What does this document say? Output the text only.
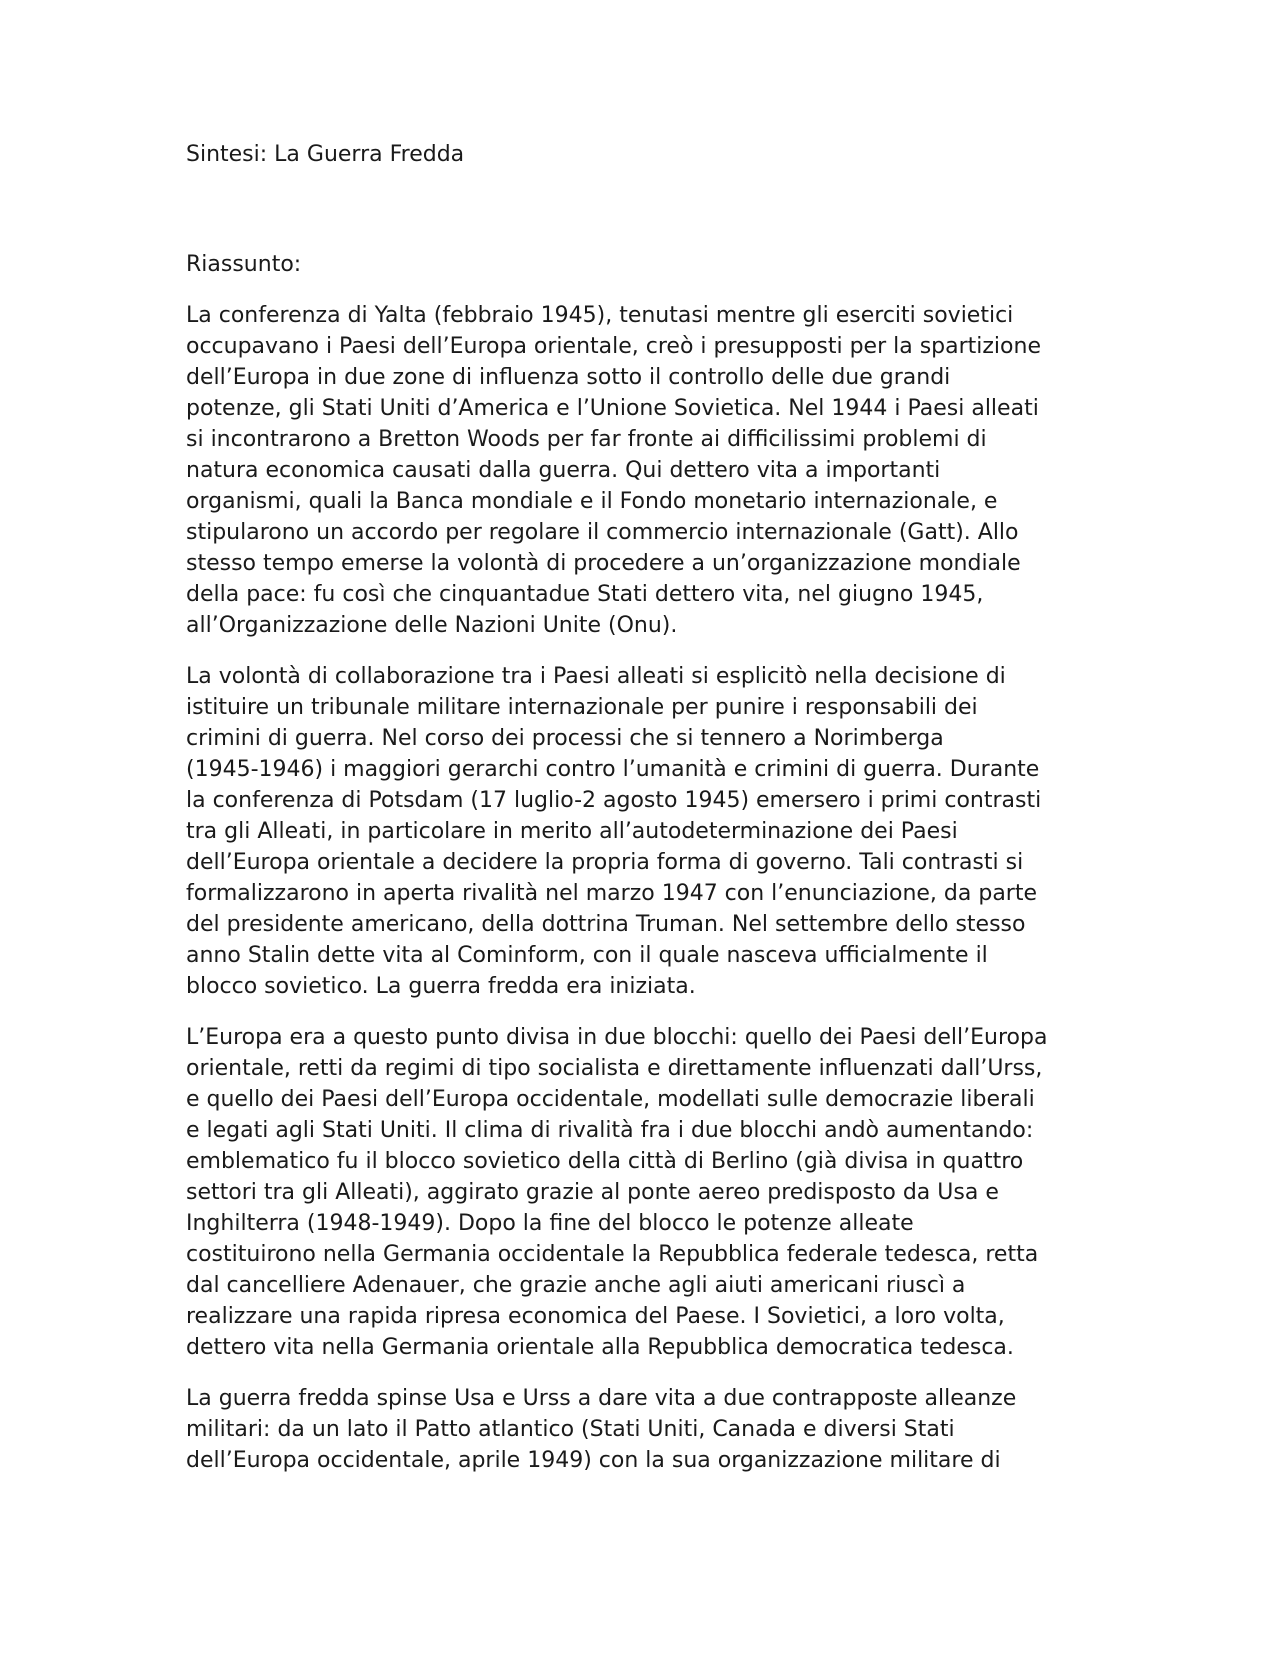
Sintesi: La Guerra Fredda
Riassunto:

La conferenza di Yalta (febbraio 1945), tenutasi mentre gli eserciti sovietici
occupavano i Paesi dell’Europa orientale, creò i presupposti per la spartizione
dell’Europa in due zone di influenza sotto il controllo delle due grandi
potenze, gli Stati Uniti d’America e l’Unione Sovietica. Nel 1944 i Paesi alleati
si incontrarono a Bretton Woods per far fronte ai difficilissimi problemi di
natura economica causati dalla guerra. Qui dettero vita a importanti
organismi, quali la Banca mondiale e il Fondo monetario internazionale, e
stipularono un accordo per regolare il commercio internazionale (Gatt). Allo
stesso tempo emerse la volontà di procedere a un’organizzazione mondiale
della pace: fu così che cinquantadue Stati dettero vita, nel giugno 1945,
all’Organizzazione delle Nazioni Unite (Onu).

La volontà di collaborazione tra i Paesi alleati si esplicitò nella decisione di
istituire un tribunale militare internazionale per punire i responsabili dei
crimini di guerra. Nel corso dei processi che si tennero a Norimberga
(1945-1946) i maggiori gerarchi contro l’umanità e crimini di guerra. Durante
la conferenza di Potsdam (17 luglio-2 agosto 1945) emersero i primi contrasti
tra gli Alleati, in particolare in merito all’autodeterminazione dei Paesi
dell’Europa orientale a decidere la propria forma di governo. Tali contrasti si
formalizzarono in aperta rivalità nel marzo 1947 con l’enunciazione, da parte
del presidente americano, della dottrina Truman. Nel settembre dello stesso
anno Stalin dette vita al Cominform, con il quale nasceva ufficialmente il
blocco sovietico. La guerra fredda era iniziata.

L’Europa era a questo punto divisa in due blocchi: quello dei Paesi dell’Europa
orientale, retti da regimi di tipo socialista e direttamente influenzati dall’Urss,
e quello dei Paesi dell’Europa occidentale, modellati sulle democrazie liberali
e legati agli Stati Uniti. Il clima di rivalità fra i due blocchi andò aumentando:
emblematico fu il blocco sovietico della città di Berlino (già divisa in quattro
settori tra gli Alleati), aggirato grazie al ponte aereo predisposto da Usa e
Inghilterra (1948-1949). Dopo la fine del blocco le potenze alleate
costituirono nella Germania occidentale la Repubblica federale tedesca, retta
dal cancelliere Adenauer, che grazie anche agli aiuti americani riuscì a
realizzare una rapida ripresa economica del Paese. I Sovietici, a loro volta,
dettero vita nella Germania orientale alla Repubblica democratica tedesca.

La guerra fredda spinse Usa e Urss a dare vita a due contrapposte alleanze
militari: da un lato il Patto atlantico (Stati Uniti, Canada e diversi Stati
dell’Europa occidentale, aprile 1949) con la sua organizzazione militare di
